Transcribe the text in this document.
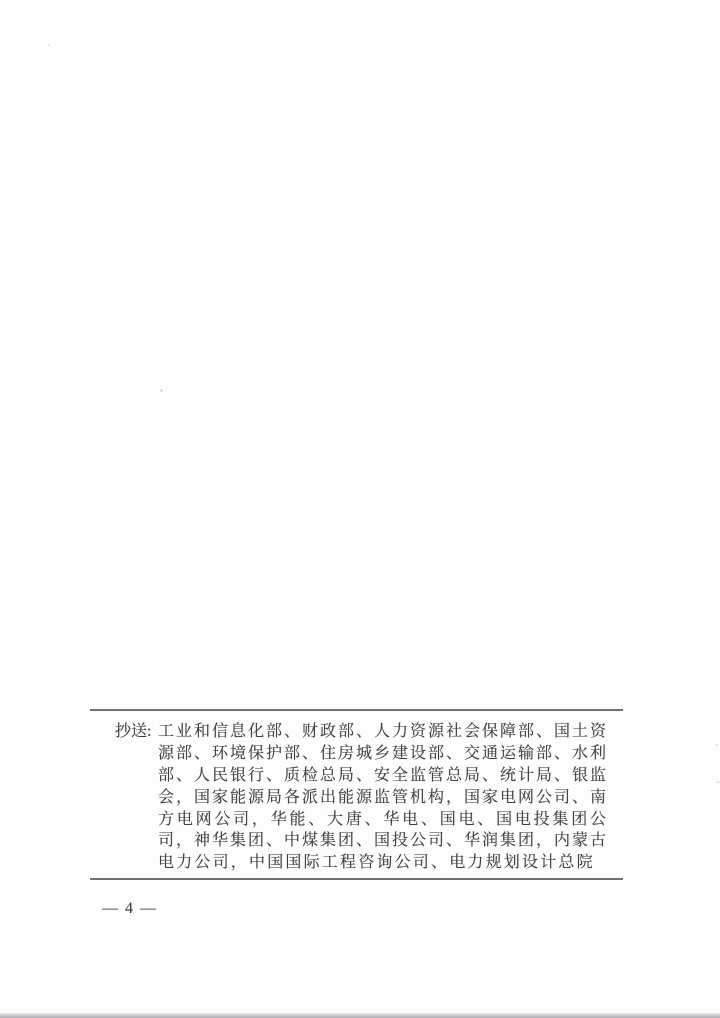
抄送: 工业和信息化部、财政部、人力资源社会保障部、国土资
源部、环境保护部、住房城乡建设部、交通运输部、水利
部、人民银行、质检总局、安全监管总局、统计局、银监
会，国家能源局各派出能源监管机构，国家电网公司、南
方电网公司，华能、大唐、华电、国电、国电投集团公
司，神华集团、中煤集团、国投公司、华润集团，内蒙古
电力公司，中国国际工程咨询公司、电力规划设计总院
— 4 —
